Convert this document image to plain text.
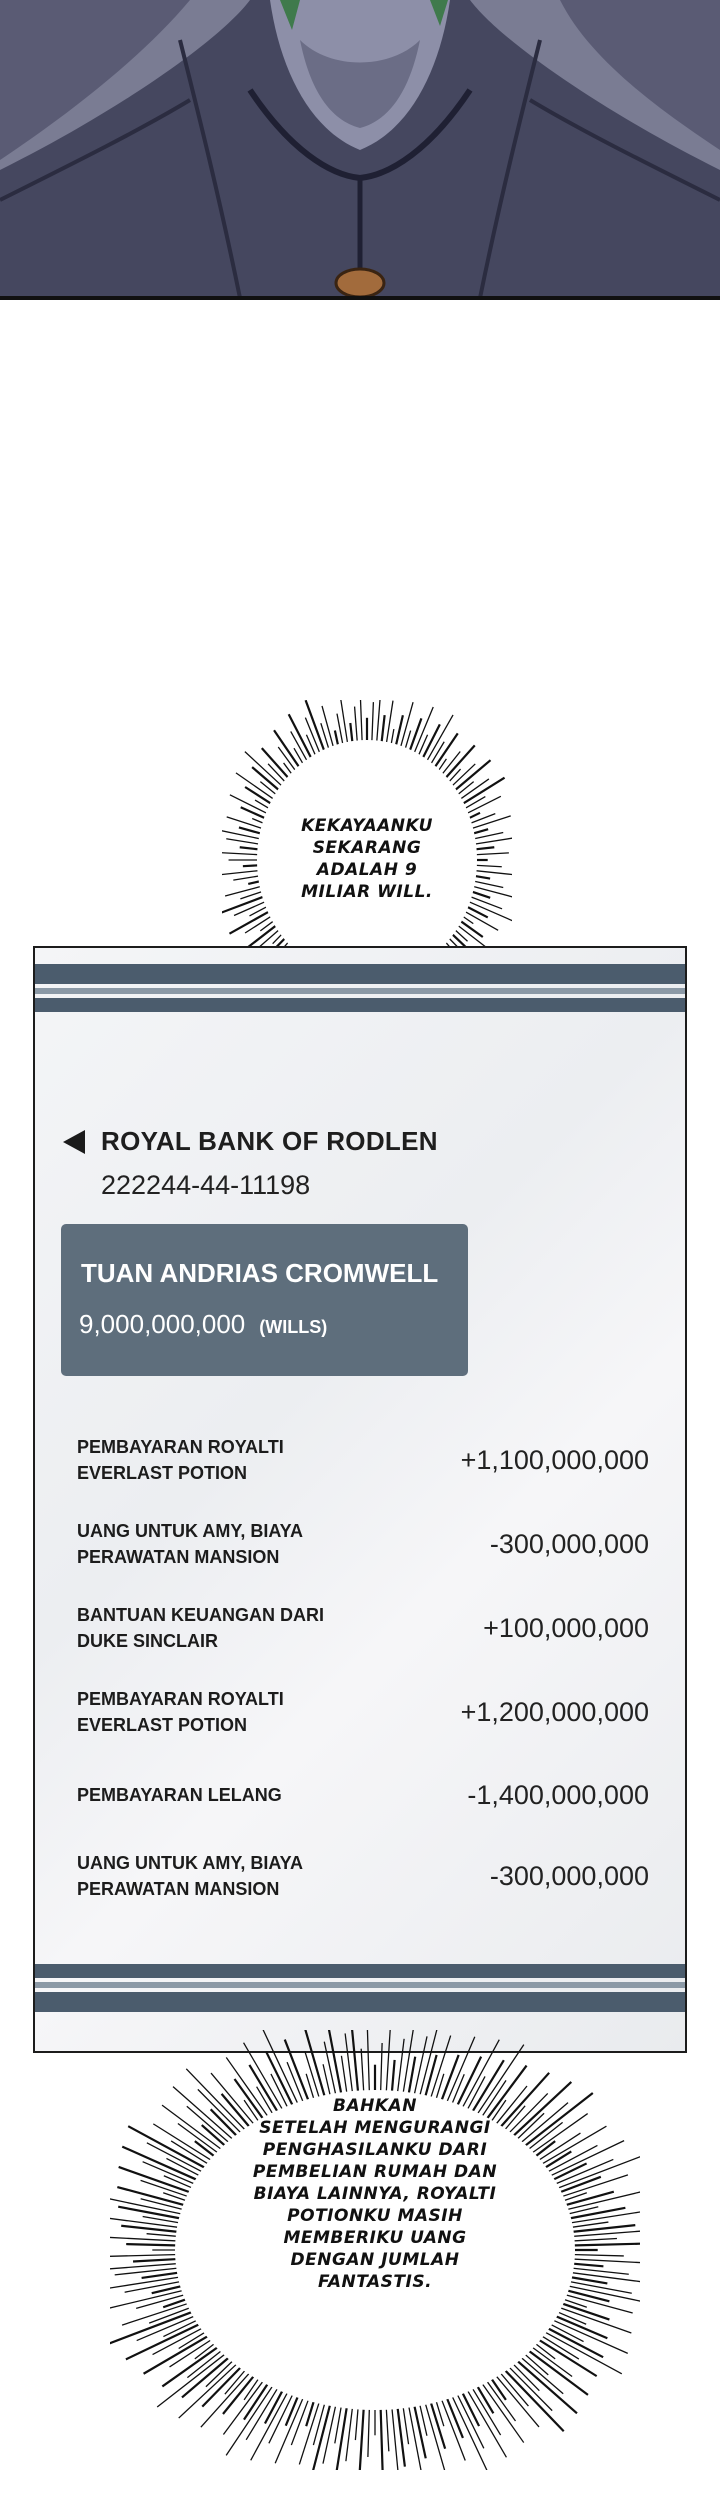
KEKAYAANKU
SEKARANG
ADALAH 9
MILIAR WILL.
ROYAL BANK OF RODLEN
222244-44-11198
TUAN ANDRIAS CROMWELL
9,000,000,000 (WILLS)
PEMBAYARAN ROYALTI
EVERLAST POTION	+1,100,000,000
UANG UNTUK AMY, BIAYA
PERAWATAN MANSION	-300,000,000
BANTUAN KEUANGAN DARI
DUKE SINCLAIR	+100,000,000
PEMBAYARAN ROYALTI
EVERLAST POTION	+1,200,000,000
PEMBAYARAN LELANG	-1,400,000,000
UANG UNTUK AMY, BIAYA
PERAWATAN MANSION	-300,000,000
BAHKAN
SETELAH MENGURANGI
PENGHASILANKU DARI
PEMBELIAN RUMAH DAN
BIAYA LAINNYA, ROYALTI
POTIONKU MASIH
MEMBERIKU UANG
DENGAN JUMLAH
FANTASTIS.
